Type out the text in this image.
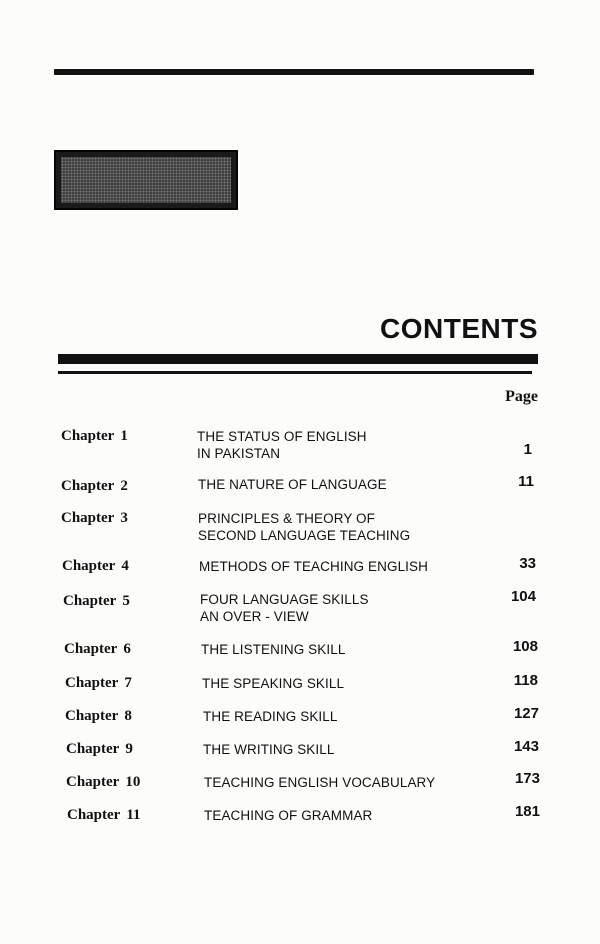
CONTENTS
Page
Chapter 1	THE STATUS OF ENGLISH
IN PAKISTAN	1
Chapter 2	THE NATURE OF LANGUAGE	11
Chapter 3	PRINCIPLES & THEORY OF
SECOND LANGUAGE TEACHING
Chapter 4	METHODS OF TEACHING ENGLISH	33
Chapter 5	FOUR LANGUAGE SKILLS
AN OVER - VIEW
104
Chapter 6	THE LISTENING SKILL	108
Chapter 7	THE SPEAKING SKILL	118
Chapter 8	THE READING SKILL	127
Chapter 9	THE WRITING SKILL	143
Chapter 10	TEACHING ENGLISH VOCABULARY	173
Chapter 11	TEACHING OF GRAMMAR	181
